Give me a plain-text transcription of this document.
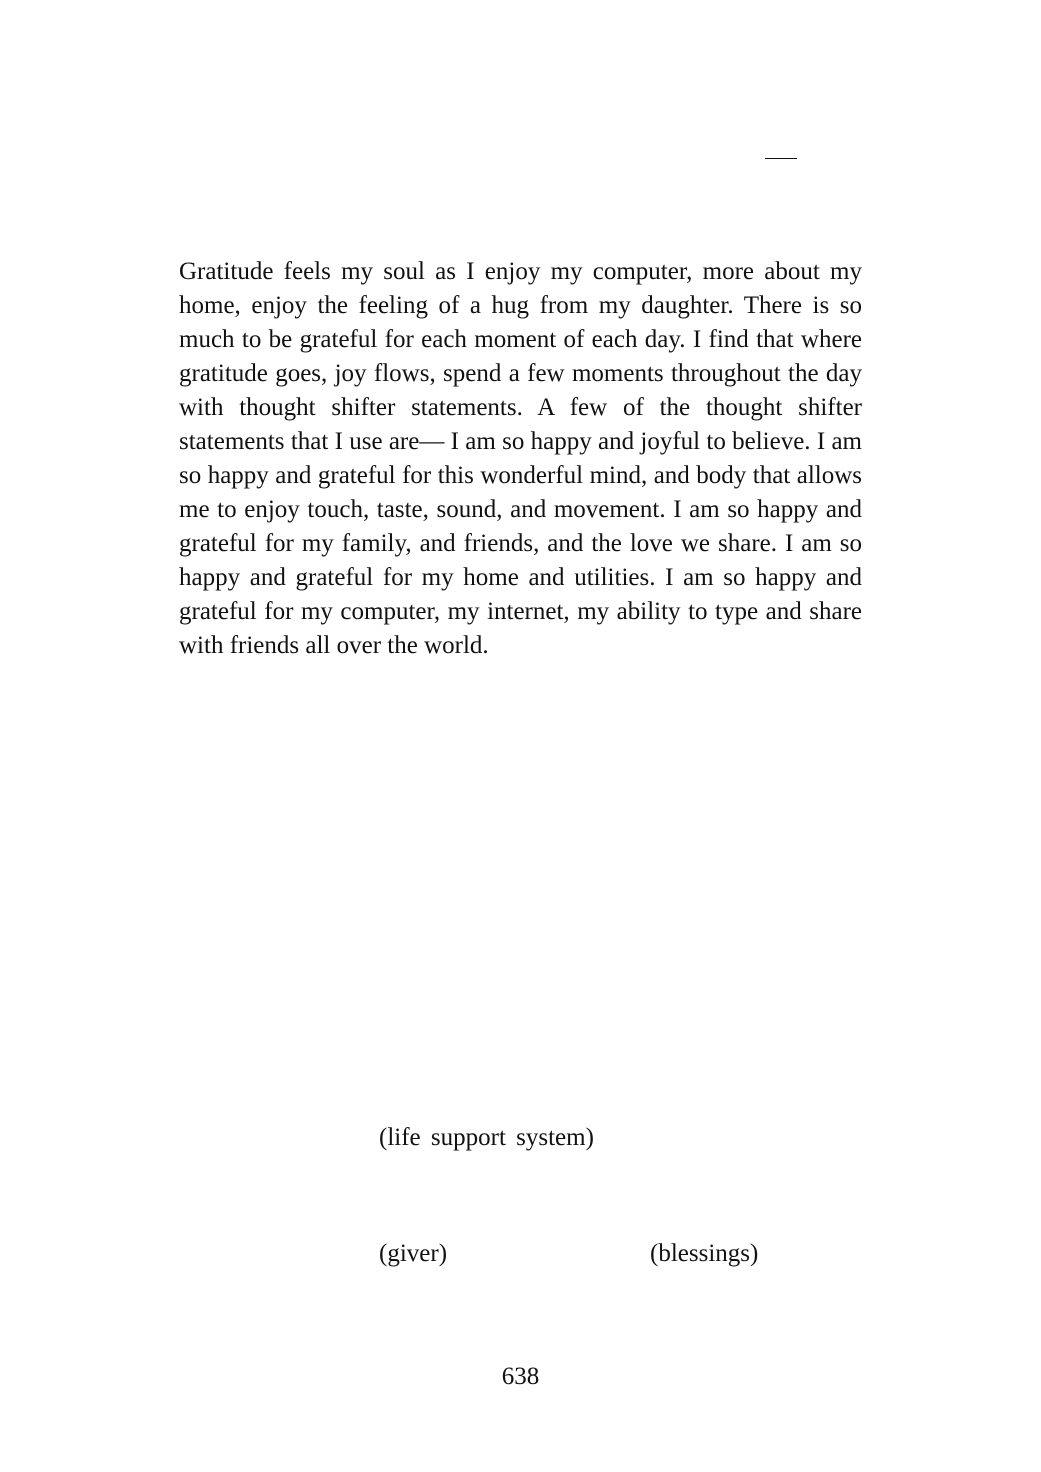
Gratitude feels my soul as I enjoy my computer, more about my home, enjoy the feeling of a hug from my daughter. There is so much to be grateful for each moment of each day. I find that where gratitude goes, joy flows, spend a few moments throughout the day with thought shifter statements. A few of the thought shifter statements that I use are— I am so happy and joyful to believe. I am so happy and grateful for this wonderful mind, and body that allows me to enjoy touch, taste, sound, and movement. I am so happy and grateful for my family, and friends, and the love we share. I am so happy and grateful for my home and utilities. I am so happy and grateful for my computer, my internet, my ability to type and share with friends all over the world.

(life support system)
(giver)	(blessings)
638
